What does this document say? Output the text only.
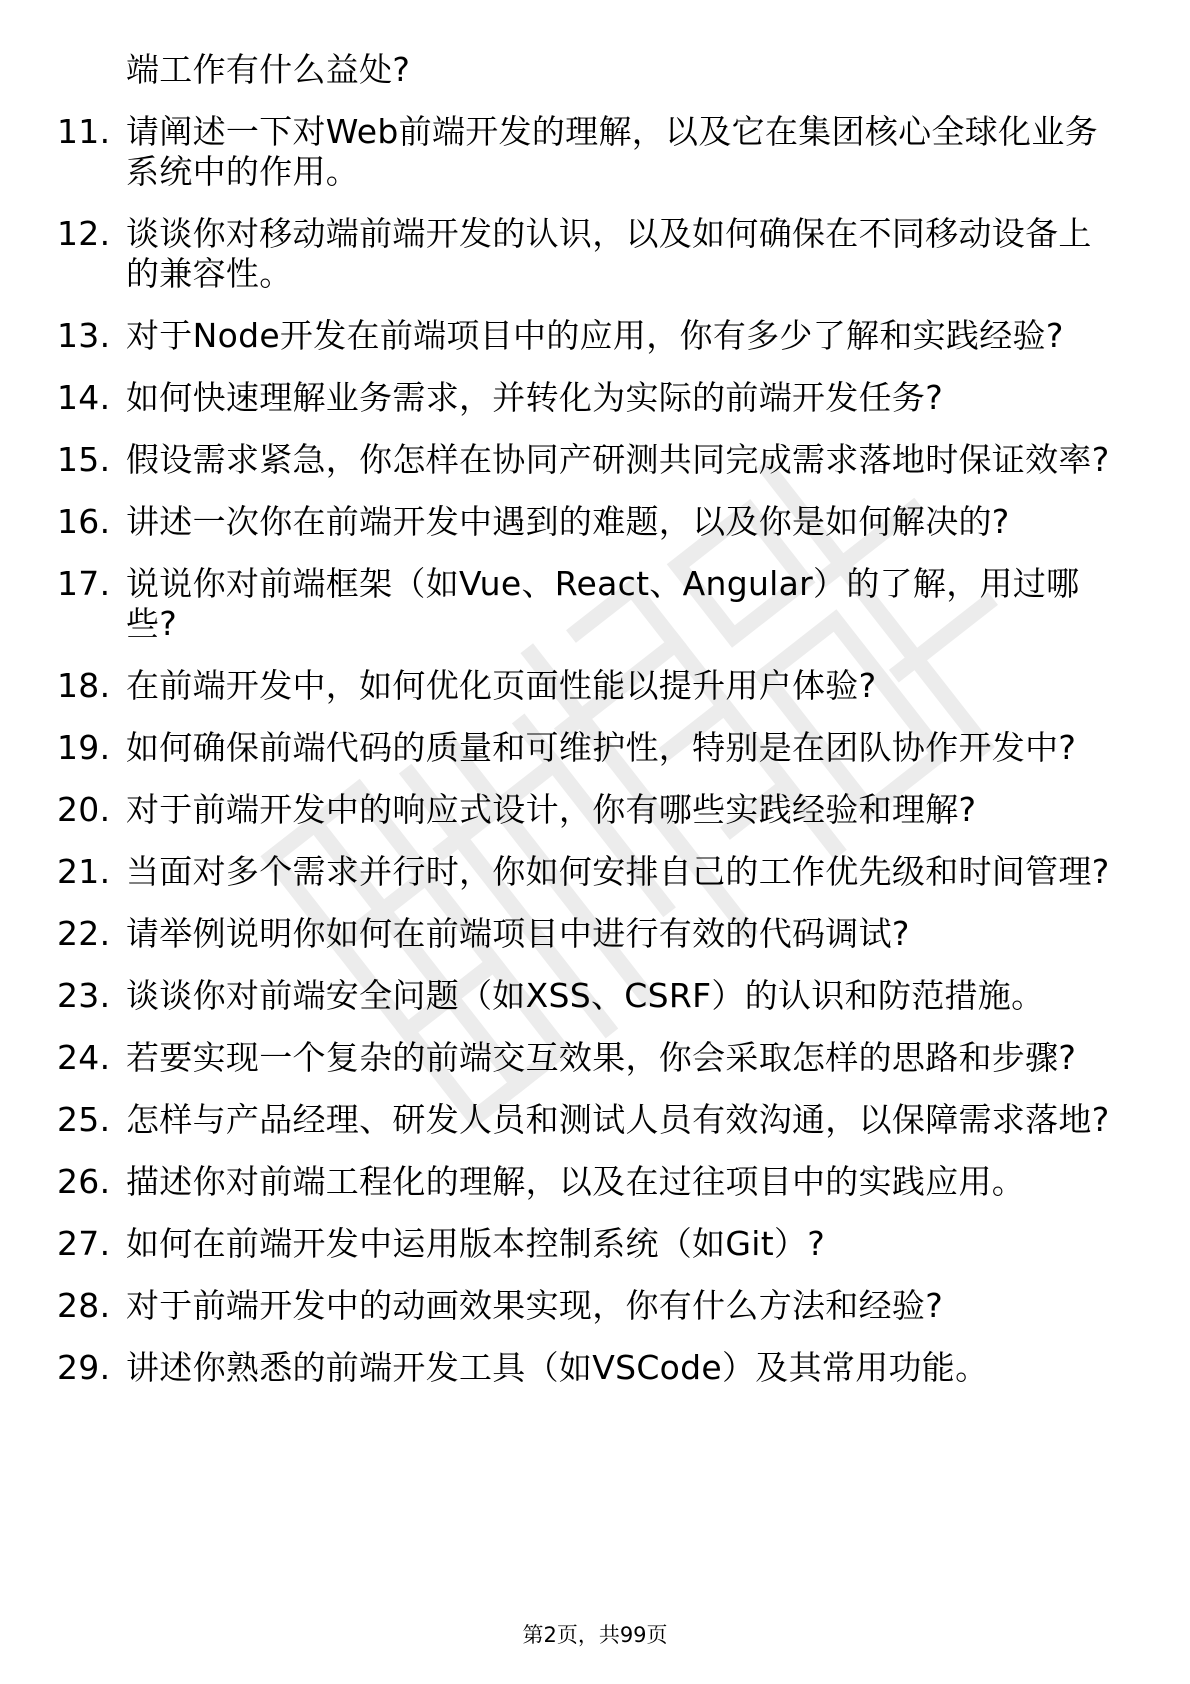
端工作有什么益处?
11. 请阐述一下对Web前端开发的理解，以及它在集团核心全球化业务系统中的作用。
12. 谈谈你对移动端前端开发的认识，以及如何确保在不同移动设备上的兼容性。
13. 对于Node开发在前端项目中的应用，你有多少了解和实践经验?
14. 如何快速理解业务需求，并转化为实际的前端开发任务?
15. 假设需求紧急，你怎样在协同产研测共同完成需求落地时保证效率?
16. 讲述一次你在前端开发中遇到的难题，以及你是如何解决的?
17. 说说你对前端框架（如Vue、React、Angular）的了解，用过哪些?
18. 在前端开发中，如何优化页面性能以提升用户体验?
19. 如何确保前端代码的质量和可维护性，特别是在团队协作开发中?
20. 对于前端开发中的响应式设计，你有哪些实践经验和理解?
21. 当面对多个需求并行时，你如何安排自己的工作优先级和时间管理?
22. 请举例说明你如何在前端项目中进行有效的代码调试?
23. 谈谈你对前端安全问题（如XSS、CSRF）的认识和防范措施。
24. 若要实现一个复杂的前端交互效果，你会采取怎样的思路和步骤?
25. 怎样与产品经理、研发人员和测试人员有效沟通，以保障需求落地?
26. 描述你对前端工程化的理解，以及在过往项目中的实践应用。
27. 如何在前端开发中运用版本控制系统（如Git）?
28. 对于前端开发中的动画效果实现，你有什么方法和经验?
29. 讲述你熟悉的前端开发工具（如VSCode）及其常用功能。
第2页，共99页
